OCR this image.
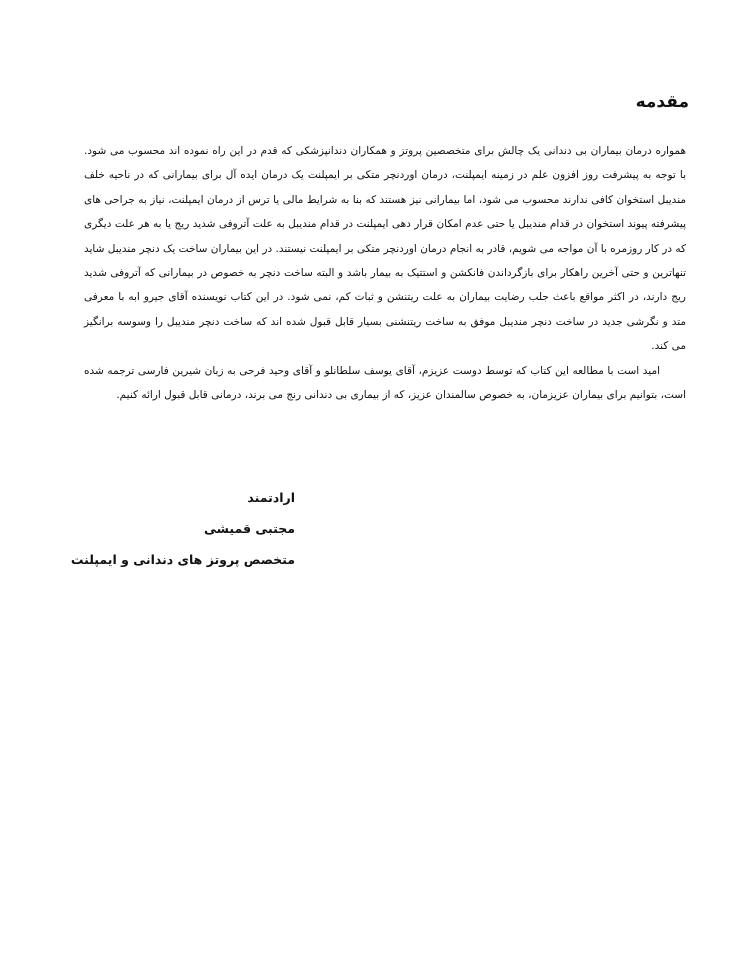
مقدمه

همواره درمان بیماران بی دندانی یک چالش برای متخصصین پروتز و همکاران دندانپزشکی که قدم در این راه نموده اند محسوب می شود. با توجه به پیشرفت روز افزون علم در زمینه ایمپلنت، درمان اوردنچر متکی بر ایمپلنت یک درمان ایده آل برای بیمارانی که در ناحیه خلف مندیبل استخوان کافی ندارند محسوب می شود، اما بیمارانی نیز هستند که بنا به شرایط مالی یا ترس از درمان ایمپلنت، نیاز به جراحی های پیشرفته پیوند استخوان در قدام مندیبل یا حتی عدم امکان قرار دهی ایمپلنت در قدام مندیبل به علت آتروفی شدید ریج یا به هر علت دیگری که در کار روزمره با آن مواجه می شویم، قادر به انجام درمان اوردنچر متکی بر ایمپلنت نیستند. در این بیماران ساخت یک دنچر مندیبل شاید تنهاترین و حتی آخرین راهکار برای بازگرداندن فانکشن و استتیک به بیمار باشد و البته ساخت دنچر به خصوص در بیمارانی که آتروفی شدید ریج دارند، در اکثر مواقع باعث جلب رضایت بیماران به علت ریتنشن و ثبات کم، نمی شود. در این کتاب نویسنده آقای جیرو ابه با معرفی متد و نگرشی جدید در ساخت دنچر مندیبل موفق به ساخت ریتنشنی بسیار قابل قبول شده اند که ساخت دنچر مندیبل را وسوسه برانگیز می کند.

امید است با مطالعه این کتاب که توسط دوست عزیزم، آقای یوسف سلطانلو و آقای وحید فرحی به زبان شیرین فارسی ترجمه شده است، بتوانیم برای بیماران عزیزمان، به خصوص سالمندان عزیز، که از بیماری بی دندانی رنج می برند، درمانی قابل قبول ارائه کنیم.

ارادتمند
مجتبی قمیشی
متخصص پروتز های دندانی و ایمپلنت
